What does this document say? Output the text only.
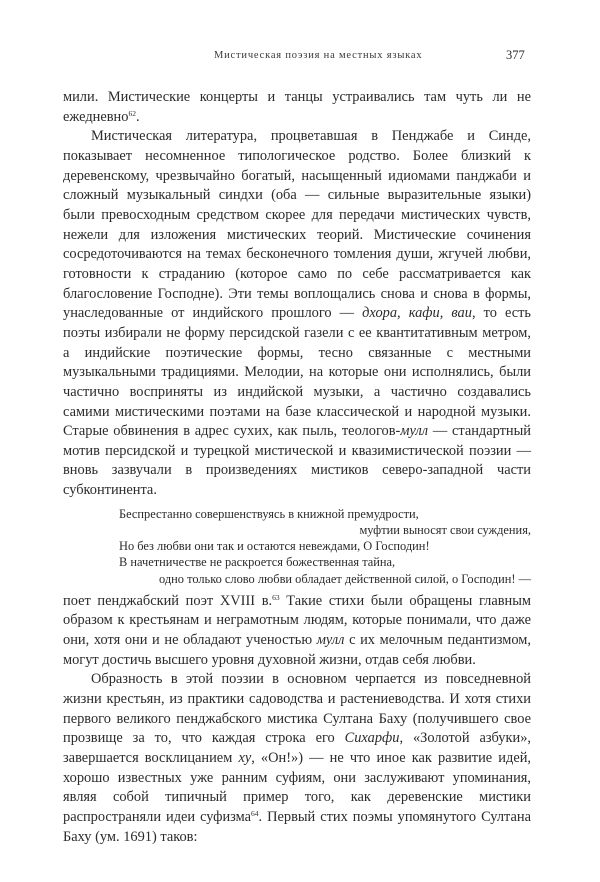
Мистическая поэзия на местных языках	377

мили. Мистические концерты и танцы устраивались там чуть ли не ежедневно$^{62}$.

Мистическая литература, процветавшая в Пенджабе и Синде, показывает несомненное типологическое родство. Более близкий к деревенскому, чрезвычайно богатый, насыщенный идиомами панджаби и сложный музыкальный синдхи (оба — сильные выразительные языки) были превосходным средством скорее для передачи мистических чувств, нежели для изложения мистических теорий. Мистические сочинения сосредоточиваются на темах бесконечного томления души, жгучей любви, готовности к страданию (которое само по себе рассматривается как благословение Господне). Эти темы воплощались снова и снова в формы, унаследованные от индийского прошлого — дхора, кафи, ваи, то есть поэты избирали не форму персидской газели с ее квантитативным метром, а индийские поэтические формы, тесно связанные с местными музыкальными традициями. Мелодии, на которые они исполнялись, были частично восприняты из индийской музыки, а частично создавались самими мистическими поэтами на базе классической и народной музыки. Старые обвинения в адрес сухих, как пыль, теологов-мулл — стандартный мотив персидской и турецкой мистической и квазимистической поэзии — вновь зазвучали в произведениях мистиков северо-западной части субконтинента.

Беспрестанно совершенствуясь в книжной премудрости,
муфтии выносят свои суждения,
Но без любви они так и остаются невеждами, О Господин!
В начетничестве не раскроется божественная тайна,
одно только слово любви обладает действенной силой, о Господин! —

поет пенджабский поэт XVIII в.$^{63}$ Такие стихи были обращены главным образом к крестьянам и неграмотным людям, которые понимали, что даже они, хотя они и не обладают ученостью мулл с их мелочным педантизмом, могут достичь высшего уровня духовной жизни, отдав себя любви.

Образность в этой поэзии в основном черпается из повседневной жизни крестьян, из практики садоводства и растениеводства. И хотя стихи первого великого пенджабского мистика Султана Баху (получившего свое прозвище за то, что каждая строка его Сихарфи, «Золотой азбуки», завершается восклицанием ху, «Он!») — не что иное как развитие идей, хорошо известных уже ранним суфиям, они заслуживают упоминания, являя собой типичный пример того, как деревенские мистики распространяли идеи суфизма$^{64}$. Первый стих поэмы упомянутого Султана Баху (ум. 1691) таков:
